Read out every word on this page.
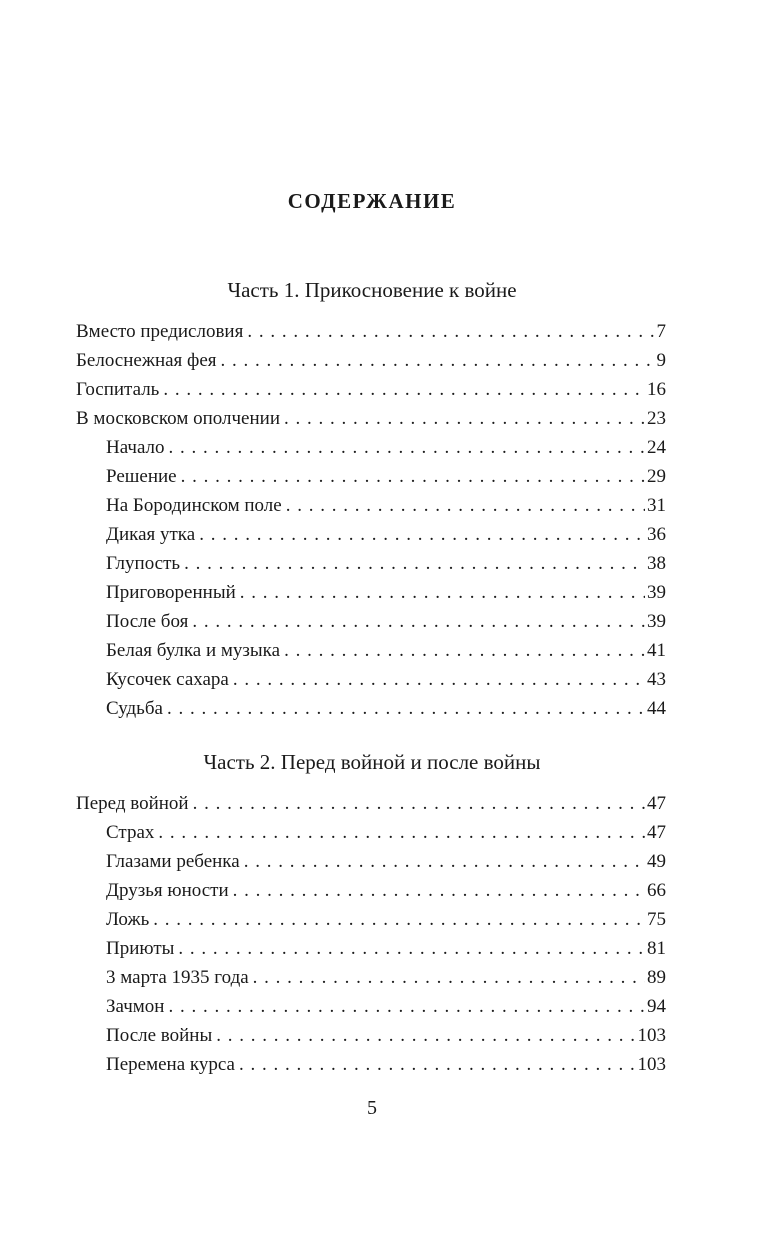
СОДЕРЖАНИЕ
Часть 1. Прикосновение к войне
Вместо предисловия . . .	7
Белоснежная фея . . .	9
Госпиталь . . .	16
В московском ополчении . . .	23
Начало . . .	24
Решение . . .	29
На Бородинском поле . . .	31
Дикая утка . . .	36
Глупость . . .	38
Приговоренный . . .	39
После боя . . .	39
Белая булка и музыка . . .	41
Кусочек сахара . . .	43
Судьба . . .	44
Часть 2. Перед войной и после войны
Перед войной . . .	47
Страх . . .	47
Глазами ребенка . . .	49
Друзья юности . . .	66
Ложь . . .	75
Приюты . . .	81
3 марта 1935 года . . .	89
Зачмон . . .	94
После войны . . .	103
Перемена курса . . .	103
5
